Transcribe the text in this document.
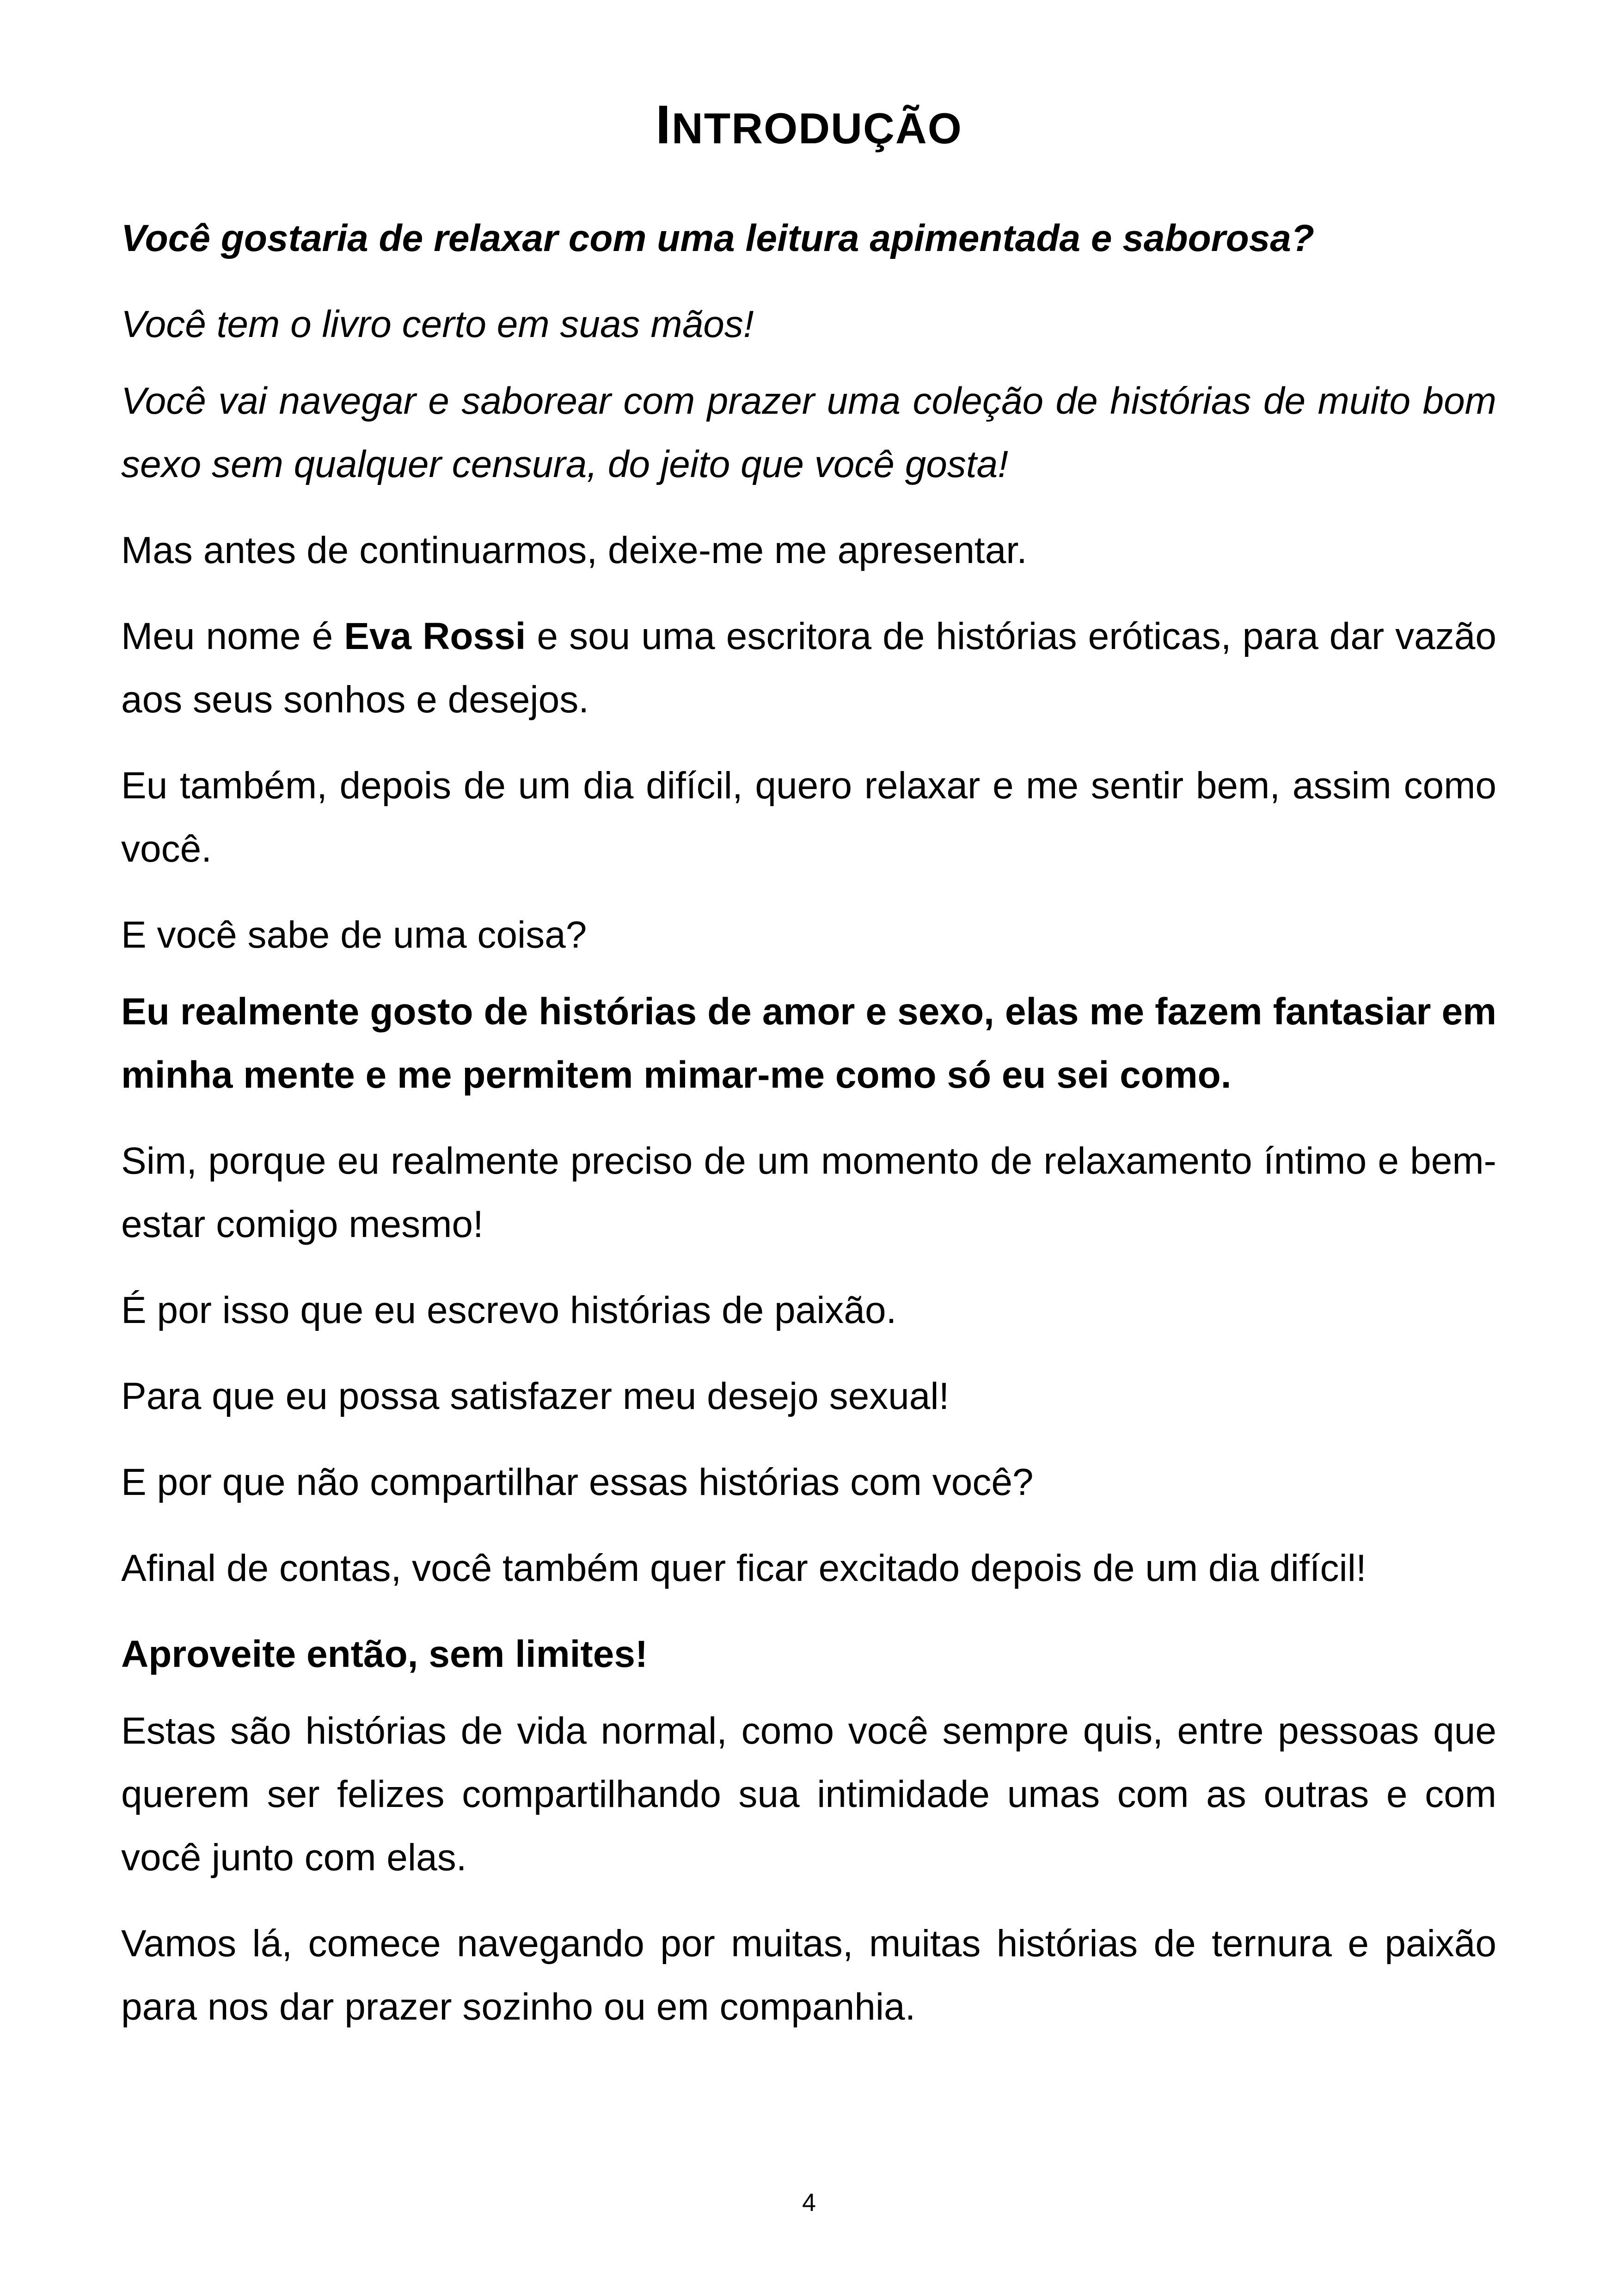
INTRODUÇÃO

Você gostaria de relaxar com uma leitura apimentada e saborosa?

Você tem o livro certo em suas mãos!

Você vai navegar e saborear com prazer uma coleção de histórias de muito bom sexo sem qualquer censura, do jeito que você gosta!

Mas antes de continuarmos, deixe-me me apresentar.

Meu nome é Eva Rossi e sou uma escritora de histórias eróticas, para dar vazão aos seus sonhos e desejos.

Eu também, depois de um dia difícil, quero relaxar e me sentir bem, assim como você.

E você sabe de uma coisa?

Eu realmente gosto de histórias de amor e sexo, elas me fazem fantasiar em minha mente e me permitem mimar-me como só eu sei como.

Sim, porque eu realmente preciso de um momento de relaxamento íntimo e bem-estar comigo mesmo!

É por isso que eu escrevo histórias de paixão.

Para que eu possa satisfazer meu desejo sexual!

E por que não compartilhar essas histórias com você?

Afinal de contas, você também quer ficar excitado depois de um dia difícil!

Aproveite então, sem limites!

Estas são histórias de vida normal, como você sempre quis, entre pessoas que querem ser felizes compartilhando sua intimidade umas com as outras e com você junto com elas.

Vamos lá, comece navegando por muitas, muitas histórias de ternura e paixão para nos dar prazer sozinho ou em companhia.

4
